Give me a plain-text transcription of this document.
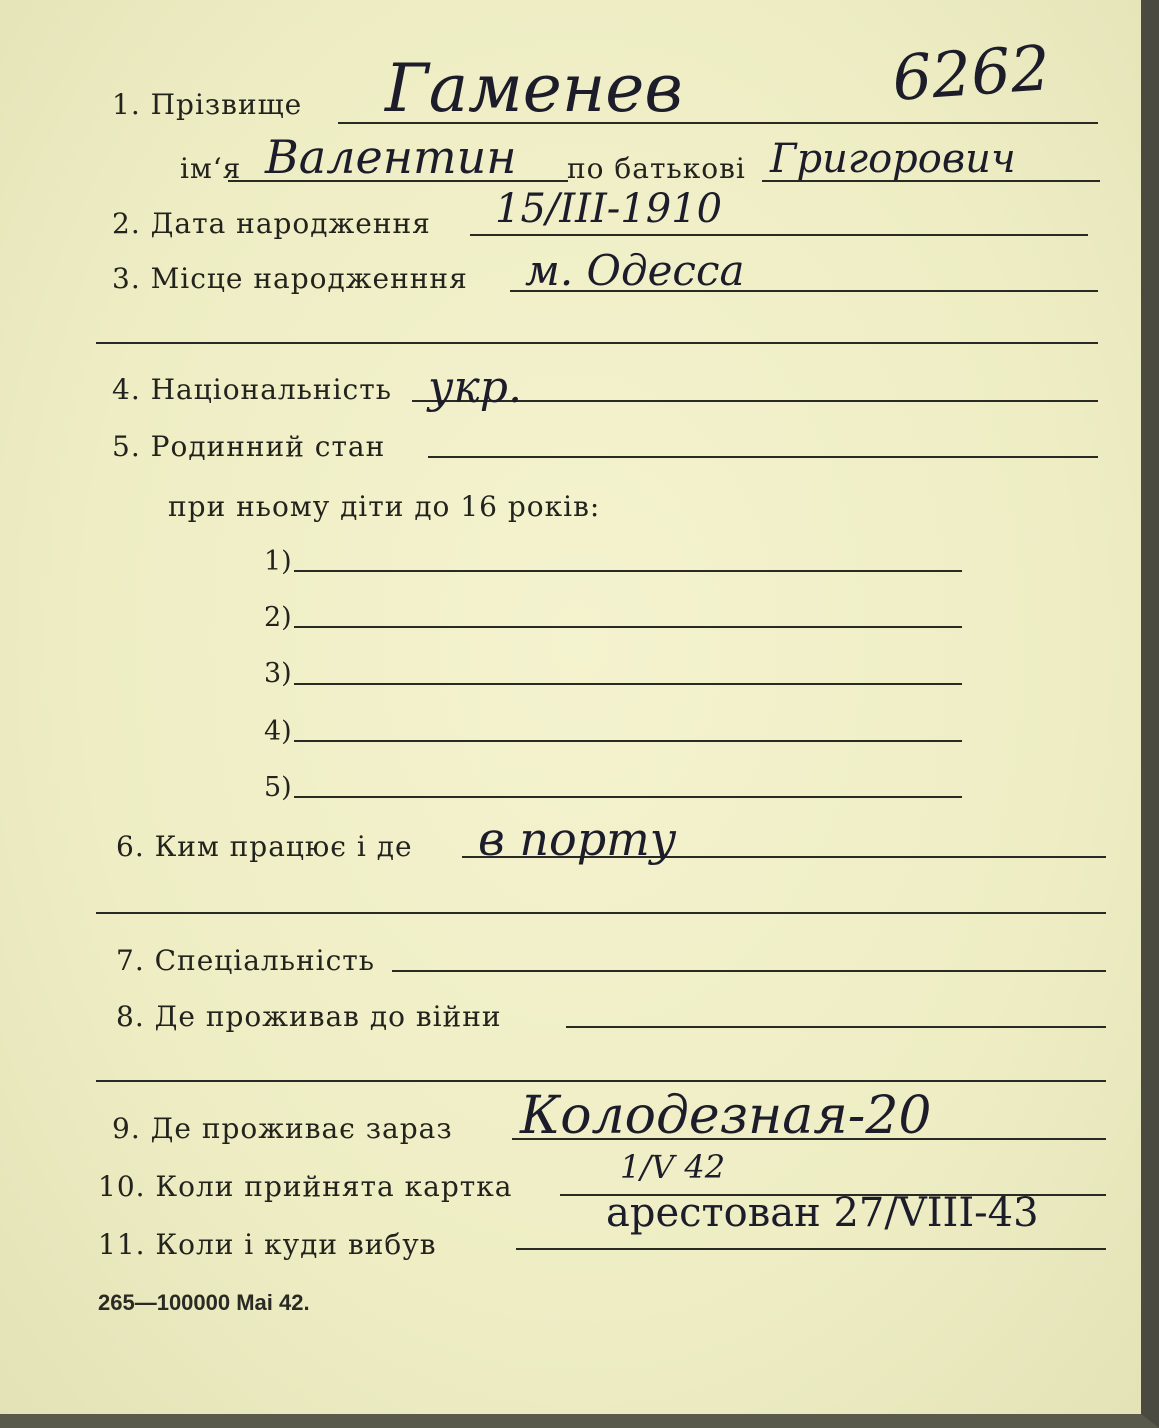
6262
1. Прізвище Гаменев
ім‘я Валентин по батькові Григорович
2. Дата народження 15/III-1910
3. Місце народженння м. Одесса
4. Національність укр.
5. Родинний стан
при ньому діти до 16 років:
1)
2)
3)
4)
5)
6. Ким працює і де в порту
7. Спеціальність
8. Де проживав до війни
9. Де проживає зараз Колодезная-20
10. Коли прийнята картка
1/V 42
11. Коли і куди вибув
арестован 27/VIII-43
265—100000 Mai 42.
